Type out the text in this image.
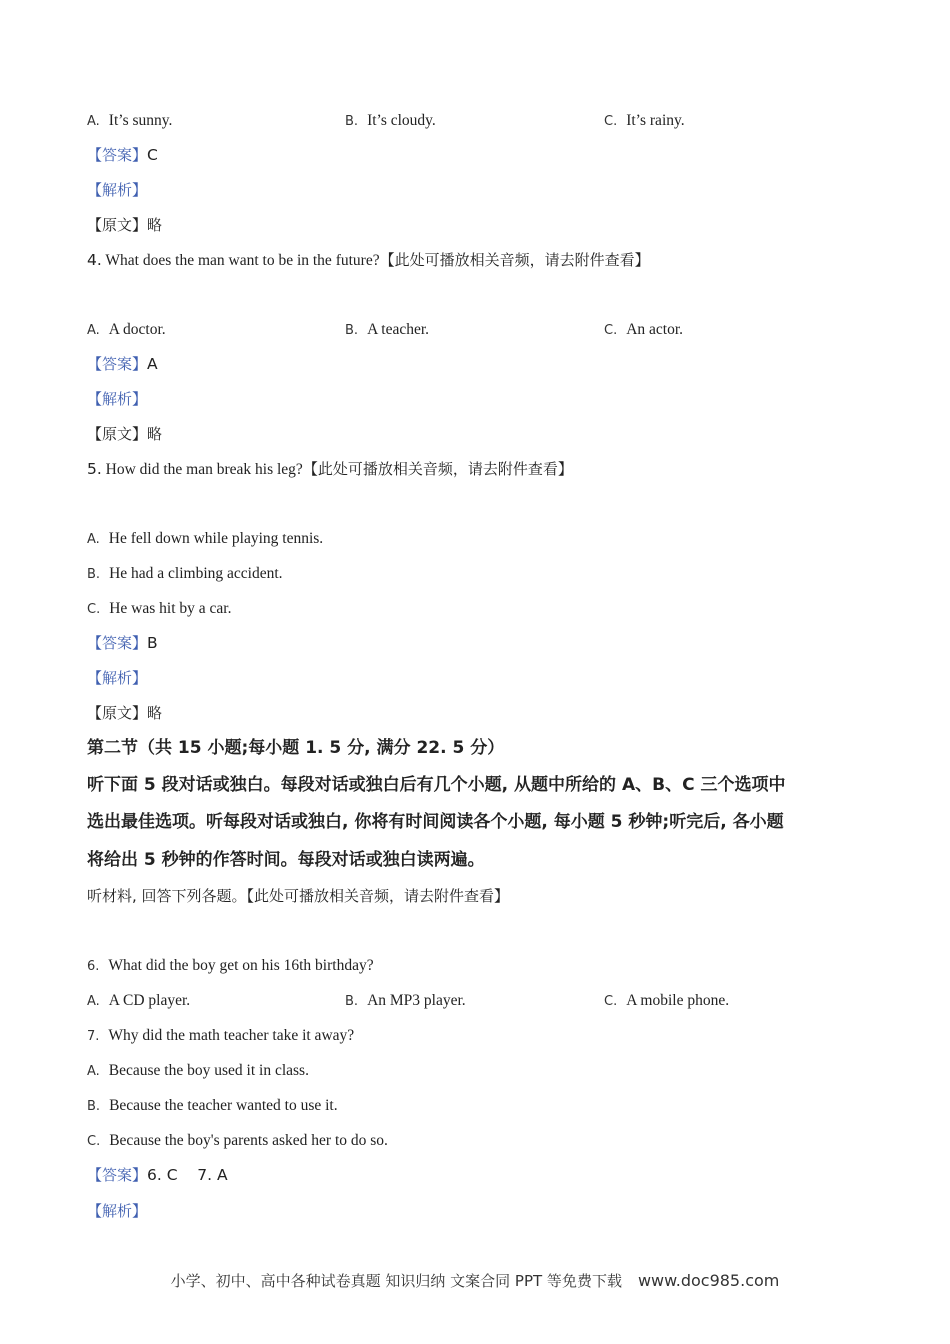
A. It’s sunny.	B. It’s cloudy.	C. It’s rainy.
【答案】C
【解析】
【原文】略
4. What does the man want to be in the future?【此处可播放相关音频，请去附件查看】
A. A doctor.	B. A teacher.	C. An actor.
【答案】A
【解析】
【原文】略
5. How did the man break his leg?【此处可播放相关音频，请去附件查看】
A. He fell down while playing tennis.
B. He had a climbing accident.
C. He was hit by a car.
【答案】B
【解析】
【原文】略
第二节（共 15 小题;每小题 1. 5 分, 满分 22. 5 分）
听下面 5 段对话或独白。每段对话或独白后有几个小题, 从题中所给的 A、B、C 三个选项中
选出最佳选项。听每段对话或独白, 你将有时间阅读各个小题, 每小题 5 秒钟;听完后, 各小题
将给出 5 秒钟的作答时间。每段对话或独白读两遍。
听材料, 回答下列各题。【此处可播放相关音频，请去附件查看】
6. What did the boy get on his 16th birthday?
A. A CD player.	B. An MP3 player.	C. A mobile phone.
7. Why did the math teacher take it away?
A. Because the boy used it in class.
B. Because the teacher wanted to use it.
C. Because the boy's parents asked her to do so.
【答案】6. C    7. A
【解析】
小学、初中、高中各种试卷真题 知识归纳 文案合同 PPT 等免费下载 www.doc985.com
